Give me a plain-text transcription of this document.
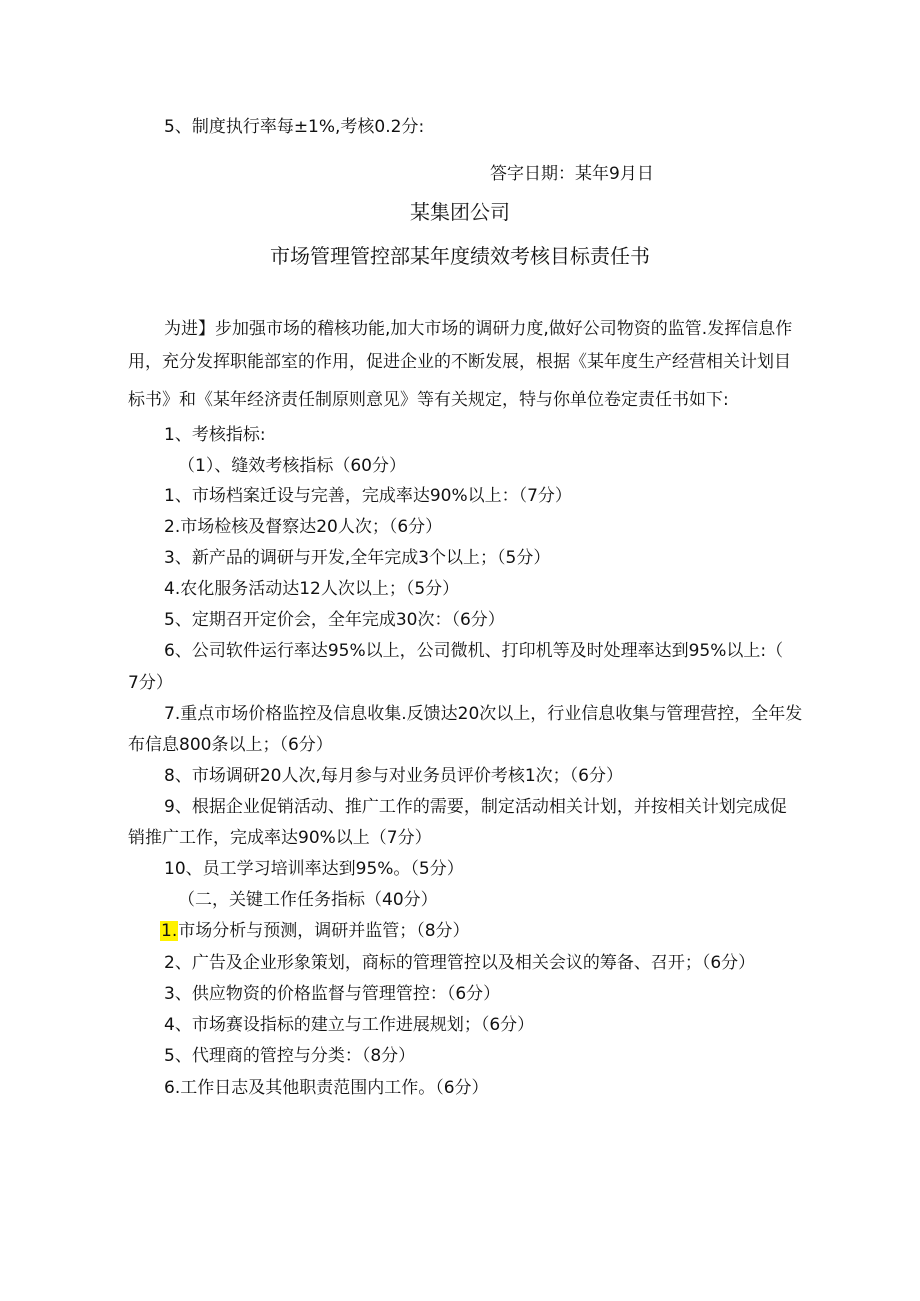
5、制度执行率每±1%,考核0.2分:

答字日期：某年9月日

某集团公司

市场管理管控部某年度绩效考核目标责任书

为进】步加强市场的稽核功能,加大市场的调研力度,做好公司物资的监管.发挥信息作

用，充分发挥职能部室的作用，促进企业的不断发展，根据《某年度生产经营相关计划目

标书》和《某年经济责任制原则意见》等有关规定，特与你单位卷定责任书如下:

1、考核指标:

（1）、缝效考核指标（60分）

1、市场档案迁设与完善，完成率达90%以上：（7分）

2.市场检核及督察达20人次；（6分）

3、新产品的调研与开发,全年完成3个以上；（5分）

4.农化服务活动达12人次以上；（5分）

5、定期召开定价会，全年完成30次：（6分）

6、公司软件运行率达95%以上，公司微机、打印机等及时处理率达到95%以上:（

7分）

7.重点市场价格监控及信息收集.反馈达20次以上，行业信息收集与管理营控，全年发

布信息800条以上；（6分）

8、市场调研20人次,每月参与对业务员评价考核1次；（6分）

9、根据企业促销活动、推广工作的需要，制定活动相关计划，并按相关计划完成促

销推广工作，完成率达90%以上（7分）

10、员工学习培训率达到95%。（5分）

（二，关键工作任务指标（40分）

1.市场分析与预测，调研并监管；（8分）

2、广告及企业形象策划，商标的管理管控以及相关会议的筹备、召开；（6分）

3、供应物资的价格监督与管理管控：（6分）

4、市场赛设指标的建立与工作进展规划；（6分）

5、代理商的管控与分类：（8分）

6.工作日志及其他职责范围内工作。（6分）
